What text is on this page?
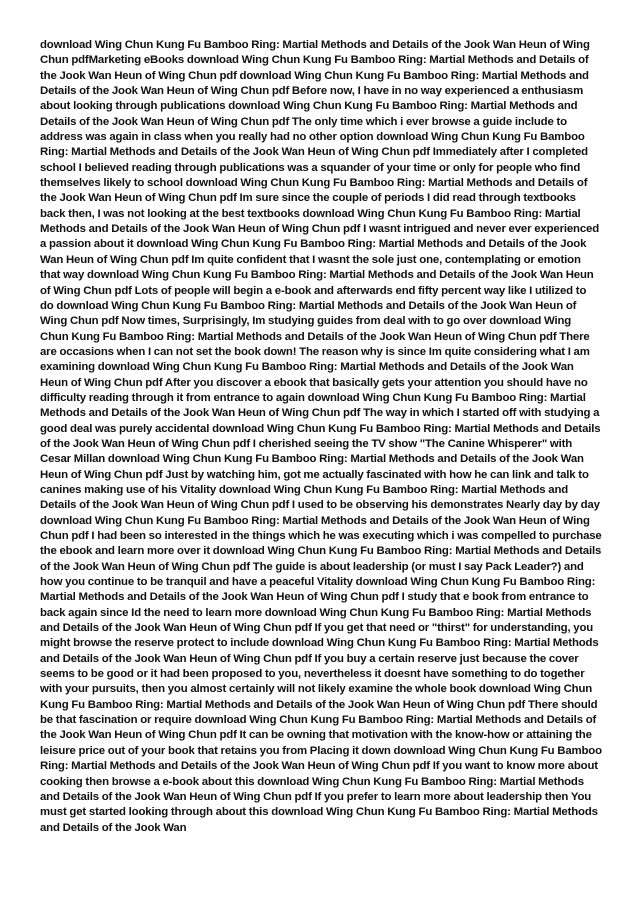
download Wing Chun Kung Fu Bamboo Ring: Martial Methods and Details of the Jook Wan Heun of Wing Chun pdfMarketing eBooks download Wing Chun Kung Fu Bamboo Ring: Martial Methods and Details of the Jook Wan Heun of Wing Chun pdf download Wing Chun Kung Fu Bamboo Ring: Martial Methods and Details of the Jook Wan Heun of Wing Chun pdf Before now, I have in no way experienced a enthusiasm about looking through publications download Wing Chun Kung Fu Bamboo Ring: Martial Methods and Details of the Jook Wan Heun of Wing Chun pdf The only time which i ever browse a guide include to address was again in class when you really had no other option download Wing Chun Kung Fu Bamboo Ring: Martial Methods and Details of the Jook Wan Heun of Wing Chun pdf Immediately after I completed school I believed reading through publications was a squander of your time or only for people who find themselves likely to school download Wing Chun Kung Fu Bamboo Ring: Martial Methods and Details of the Jook Wan Heun of Wing Chun pdf Im sure since the couple of periods I did read through textbooks back then, I was not looking at the best textbooks download Wing Chun Kung Fu Bamboo Ring: Martial Methods and Details of the Jook Wan Heun of Wing Chun pdf I wasnt intrigued and never ever experienced a passion about it download Wing Chun Kung Fu Bamboo Ring: Martial Methods and Details of the Jook Wan Heun of Wing Chun pdf Im quite confident that I wasnt the sole just one, contemplating or emotion that way download Wing Chun Kung Fu Bamboo Ring: Martial Methods and Details of the Jook Wan Heun of Wing Chun pdf Lots of people will begin a e-book and afterwards end fifty percent way like I utilized to do download Wing Chun Kung Fu Bamboo Ring: Martial Methods and Details of the Jook Wan Heun of Wing Chun pdf Now times, Surprisingly, Im studying guides from deal with to go over download Wing Chun Kung Fu Bamboo Ring: Martial Methods and Details of the Jook Wan Heun of Wing Chun pdf There are occasions when I can not set the book down! The reason why is since Im quite considering what I am examining download Wing Chun Kung Fu Bamboo Ring: Martial Methods and Details of the Jook Wan Heun of Wing Chun pdf After you discover a ebook that basically gets your attention you should have no difficulty reading through it from entrance to again download Wing Chun Kung Fu Bamboo Ring: Martial Methods and Details of the Jook Wan Heun of Wing Chun pdf The way in which I started off with studying a good deal was purely accidental download Wing Chun Kung Fu Bamboo Ring: Martial Methods and Details of the Jook Wan Heun of Wing Chun pdf I cherished seeing the TV show "The Canine Whisperer" with Cesar Millan download Wing Chun Kung Fu Bamboo Ring: Martial Methods and Details of the Jook Wan Heun of Wing Chun pdf Just by watching him, got me actually fascinated with how he can link and talk to canines making use of his Vitality download Wing Chun Kung Fu Bamboo Ring: Martial Methods and Details of the Jook Wan Heun of Wing Chun pdf I used to be observing his demonstrates Nearly day by day download Wing Chun Kung Fu Bamboo Ring: Martial Methods and Details of the Jook Wan Heun of Wing Chun pdf I had been so interested in the things which he was executing which i was compelled to purchase the ebook and learn more over it download Wing Chun Kung Fu Bamboo Ring: Martial Methods and Details of the Jook Wan Heun of Wing Chun pdf The guide is about leadership (or must I say Pack Leader?) and how you continue to be tranquil and have a peaceful Vitality download Wing Chun Kung Fu Bamboo Ring: Martial Methods and Details of the Jook Wan Heun of Wing Chun pdf I study that e book from entrance to back again since Id the need to learn more download Wing Chun Kung Fu Bamboo Ring: Martial Methods and Details of the Jook Wan Heun of Wing Chun pdf If you get that need or "thirst" for understanding, you might browse the reserve protect to include download Wing Chun Kung Fu Bamboo Ring: Martial Methods and Details of the Jook Wan Heun of Wing Chun pdf If you buy a certain reserve just because the cover seems to be good or it had been proposed to you, nevertheless it doesnt have something to do together with your pursuits, then you almost certainly will not likely examine the whole book download Wing Chun Kung Fu Bamboo Ring: Martial Methods and Details of the Jook Wan Heun of Wing Chun pdf There should be that fascination or require download Wing Chun Kung Fu Bamboo Ring: Martial Methods and Details of the Jook Wan Heun of Wing Chun pdf It can be owning that motivation with the know-how or attaining the leisure price out of your book that retains you from Placing it down download Wing Chun Kung Fu Bamboo Ring: Martial Methods and Details of the Jook Wan Heun of Wing Chun pdf If you want to know more about cooking then browse a e-book about this download Wing Chun Kung Fu Bamboo Ring: Martial Methods and Details of the Jook Wan Heun of Wing Chun pdf If you prefer to learn more about leadership then You must get started looking through about this download Wing Chun Kung Fu Bamboo Ring: Martial Methods and Details of the Jook Wan
